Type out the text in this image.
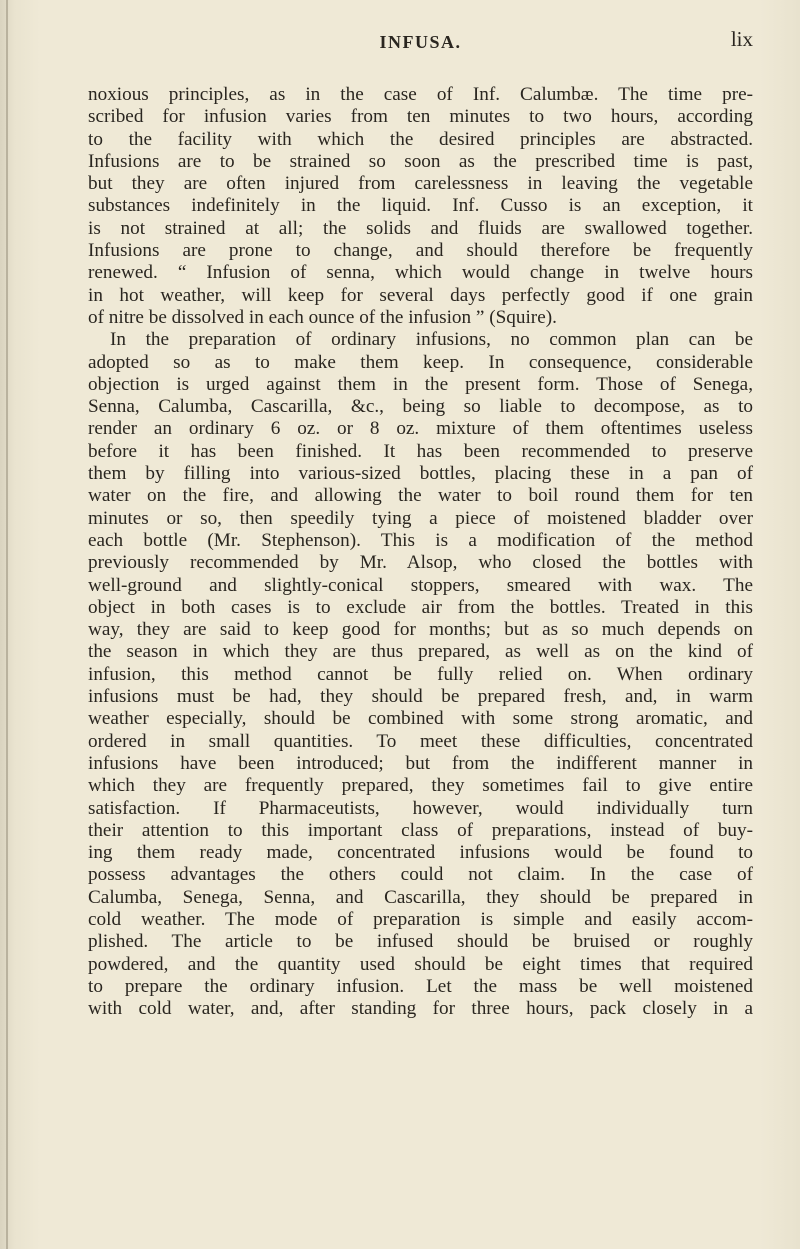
INFUSA.	lix
noxious principles, as in the case of Inf. Calumbæ. The time pre-
scribed for infusion varies from ten minutes to two hours, according
to the facility with which the desired principles are abstracted.
Infusions are to be strained so soon as the prescribed time is past,
but they are often injured from carelessness in leaving the vegetable
substances indefinitely in the liquid. Inf. Cusso is an exception, it
is not strained at all; the solids and fluids are swallowed together.
Infusions are prone to change, and should therefore be frequently
renewed. “ Infusion of senna, which would change in twelve hours
in hot weather, will keep for several days perfectly good if one grain
of nitre be dissolved in each ounce of the infusion ” (Squire).
In the preparation of ordinary infusions, no common plan can be
adopted so as to make them keep. In consequence, considerable
objection is urged against them in the present form. Those of Senega,
Senna, Calumba, Cascarilla, &c., being so liable to decompose, as to
render an ordinary 6 oz. or 8 oz. mixture of them oftentimes useless
before it has been finished. It has been recommended to preserve
them by filling into various-sized bottles, placing these in a pan of
water on the fire, and allowing the water to boil round them for ten
minutes or so, then speedily tying a piece of moistened bladder over
each bottle (Mr. Stephenson). This is a modification of the method
previously recommended by Mr. Alsop, who closed the bottles with
well-ground and slightly-conical stoppers, smeared with wax. The
object in both cases is to exclude air from the bottles. Treated in this
way, they are said to keep good for months; but as so much depends on
the season in which they are thus prepared, as well as on the kind of
infusion, this method cannot be fully relied on. When ordinary
infusions must be had, they should be prepared fresh, and, in warm
weather especially, should be combined with some strong aromatic, and
ordered in small quantities. To meet these difficulties, concentrated
infusions have been introduced; but from the indifferent manner in
which they are frequently prepared, they sometimes fail to give entire
satisfaction. If Pharmaceutists, however, would individually turn
their attention to this important class of preparations, instead of buy-
ing them ready made, concentrated infusions would be found to
possess advantages the others could not claim. In the case of
Calumba, Senega, Senna, and Cascarilla, they should be prepared in
cold weather. The mode of preparation is simple and easily accom-
plished. The article to be infused should be bruised or roughly
powdered, and the quantity used should be eight times that required
to prepare the ordinary infusion. Let the mass be well moistened
with cold water, and, after standing for three hours, pack closely in a
